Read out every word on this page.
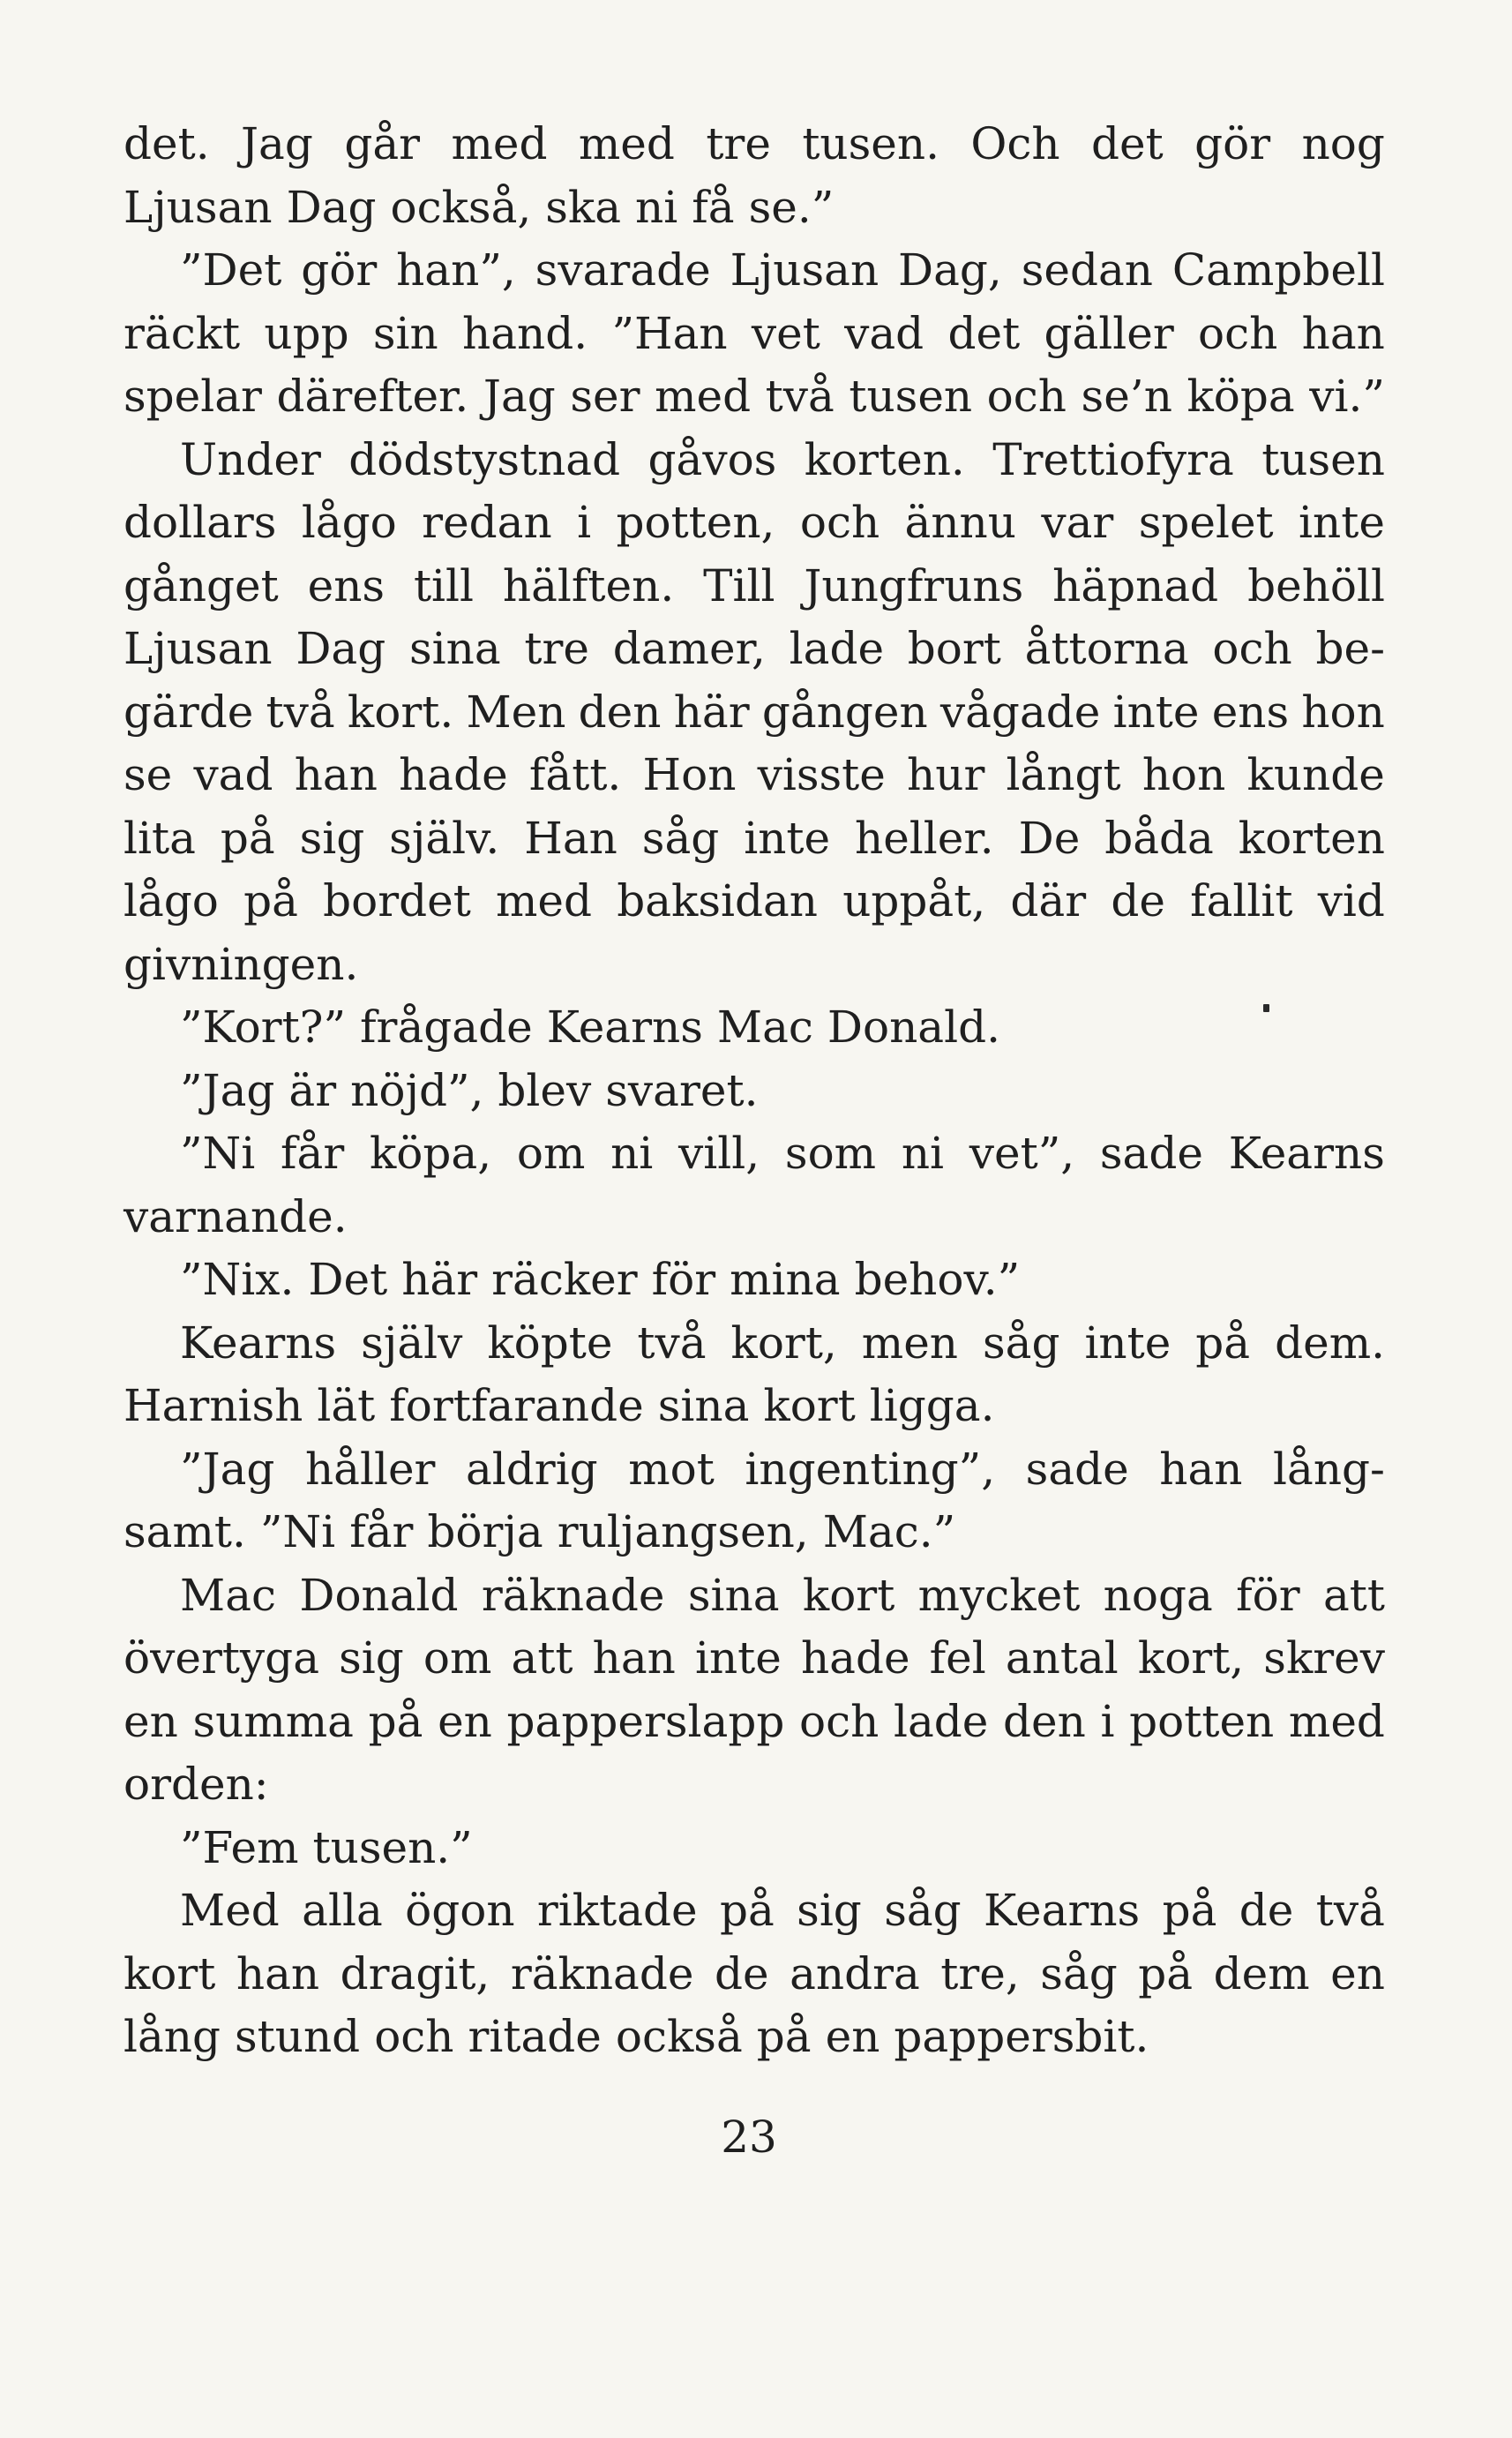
det. Jag går med med tre tusen. Och det gör nog
Ljusan Dag också, ska ni få se.”
”Det gör han”, svarade Ljusan Dag, sedan Campbell
räckt upp sin hand. ”Han vet vad det gäller och han
spelar därefter. Jag ser med två tusen och se’n köpa vi.”
Under dödstystnad gåvos korten. Trettiofyra tusen
dollars lågo redan i potten, och ännu var spelet inte
gånget ens till hälften. Till Jungfruns häpnad behöll
Ljusan Dag sina tre damer, lade bort åttorna och be-
gärde två kort. Men den här gången vågade inte ens hon
se vad han hade fått. Hon visste hur långt hon kunde
lita på sig själv. Han såg inte heller. De båda korten
lågo på bordet med baksidan uppåt, där de fallit vid
givningen.
”Kort?” frågade Kearns Mac Donald.
”Jag är nöjd”, blev svaret.
”Ni får köpa, om ni vill, som ni vet”, sade Kearns
varnande.
”Nix. Det här räcker för mina behov.”
Kearns själv köpte två kort, men såg inte på dem.
Harnish lät fortfarande sina kort ligga.
”Jag håller aldrig mot ingenting”, sade han lång-
samt. ”Ni får börja ruljangsen, Mac.”
Mac Donald räknade sina kort mycket noga för att
övertyga sig om att han inte hade fel antal kort, skrev
en summa på en papperslapp och lade den i potten med
orden:
”Fem tusen.”
Med alla ögon riktade på sig såg Kearns på de två
kort han dragit, räknade de andra tre, såg på dem en
lång stund och ritade också på en pappersbit.
23
